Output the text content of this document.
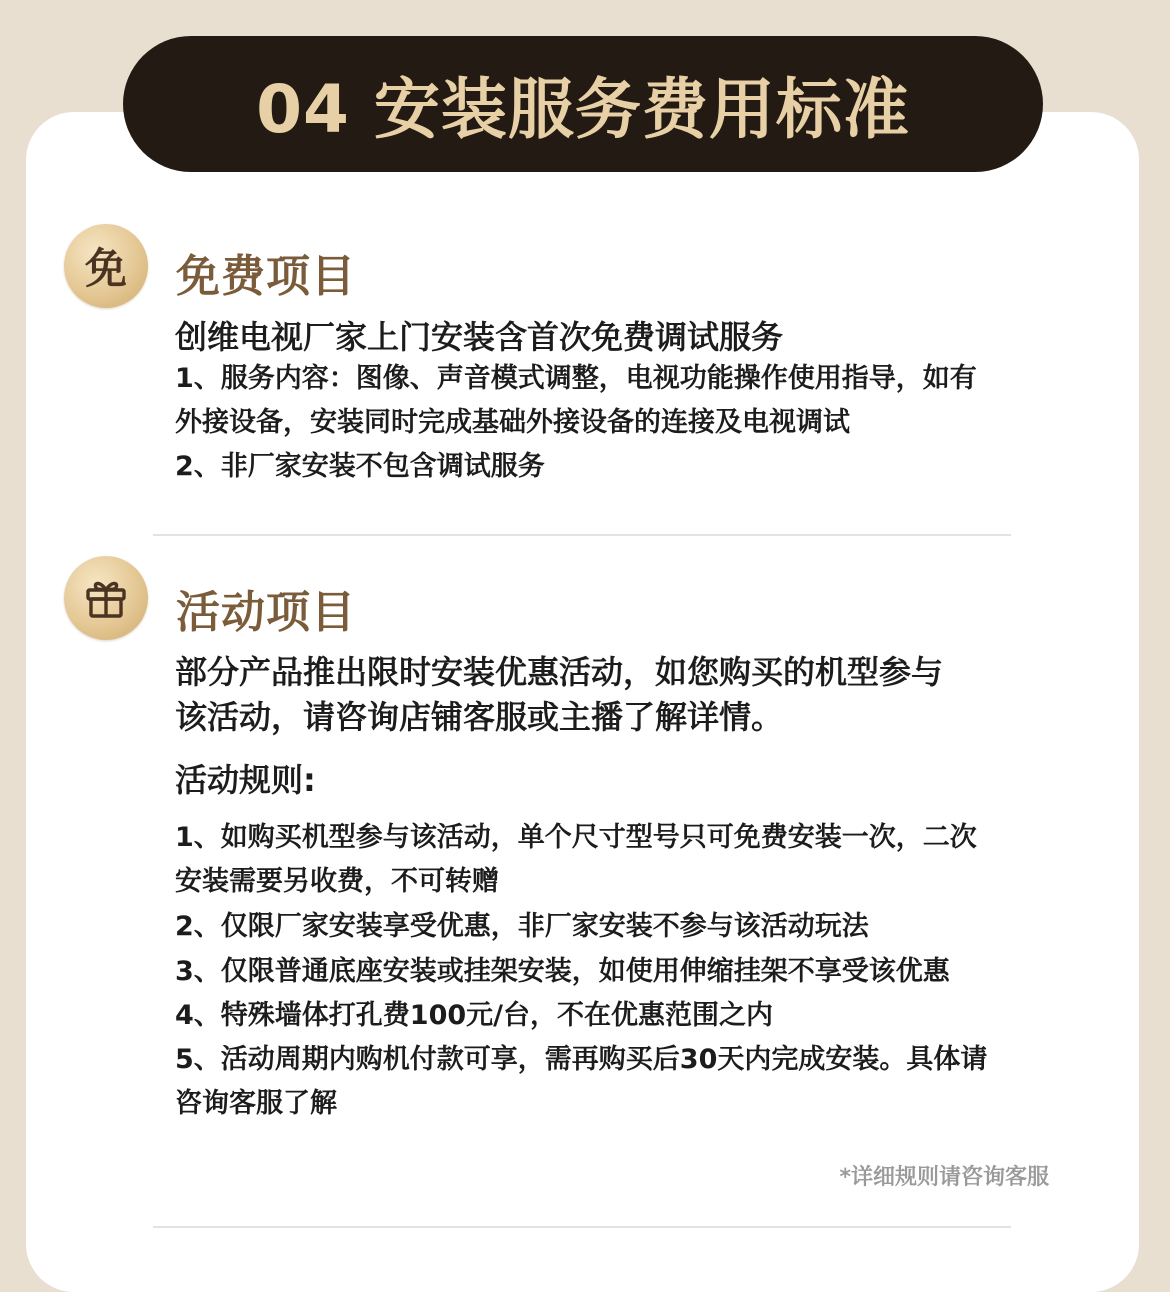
04 安装服务费用标准
免 免费项目
创维电视厂家上门安装含首次免费调试服务
1、服务内容：图像、声音模式调整，电视功能操作使用指导，如有
外接设备，安装同时完成基础外接设备的连接及电视调试
2、非厂家安装不包含调试服务
活动项目
部分产品推出限时安装优惠活动，如您购买的机型参与
该活动，请咨询店铺客服或主播了解详情。
活动规则:
1、如购买机型参与该活动，单个尺寸型号只可免费安装一次，二次
安装需要另收费，不可转赠
2、仅限厂家安装享受优惠，非厂家安装不参与该活动玩法
3、仅限普通底座安装或挂架安装，如使用伸缩挂架不享受该优惠
4、特殊墙体打孔费100元/台，不在优惠范围之内
5、活动周期内购机付款可享，需再购买后30天内完成安装。具体请
咨询客服了解
*详细规则请咨询客服
